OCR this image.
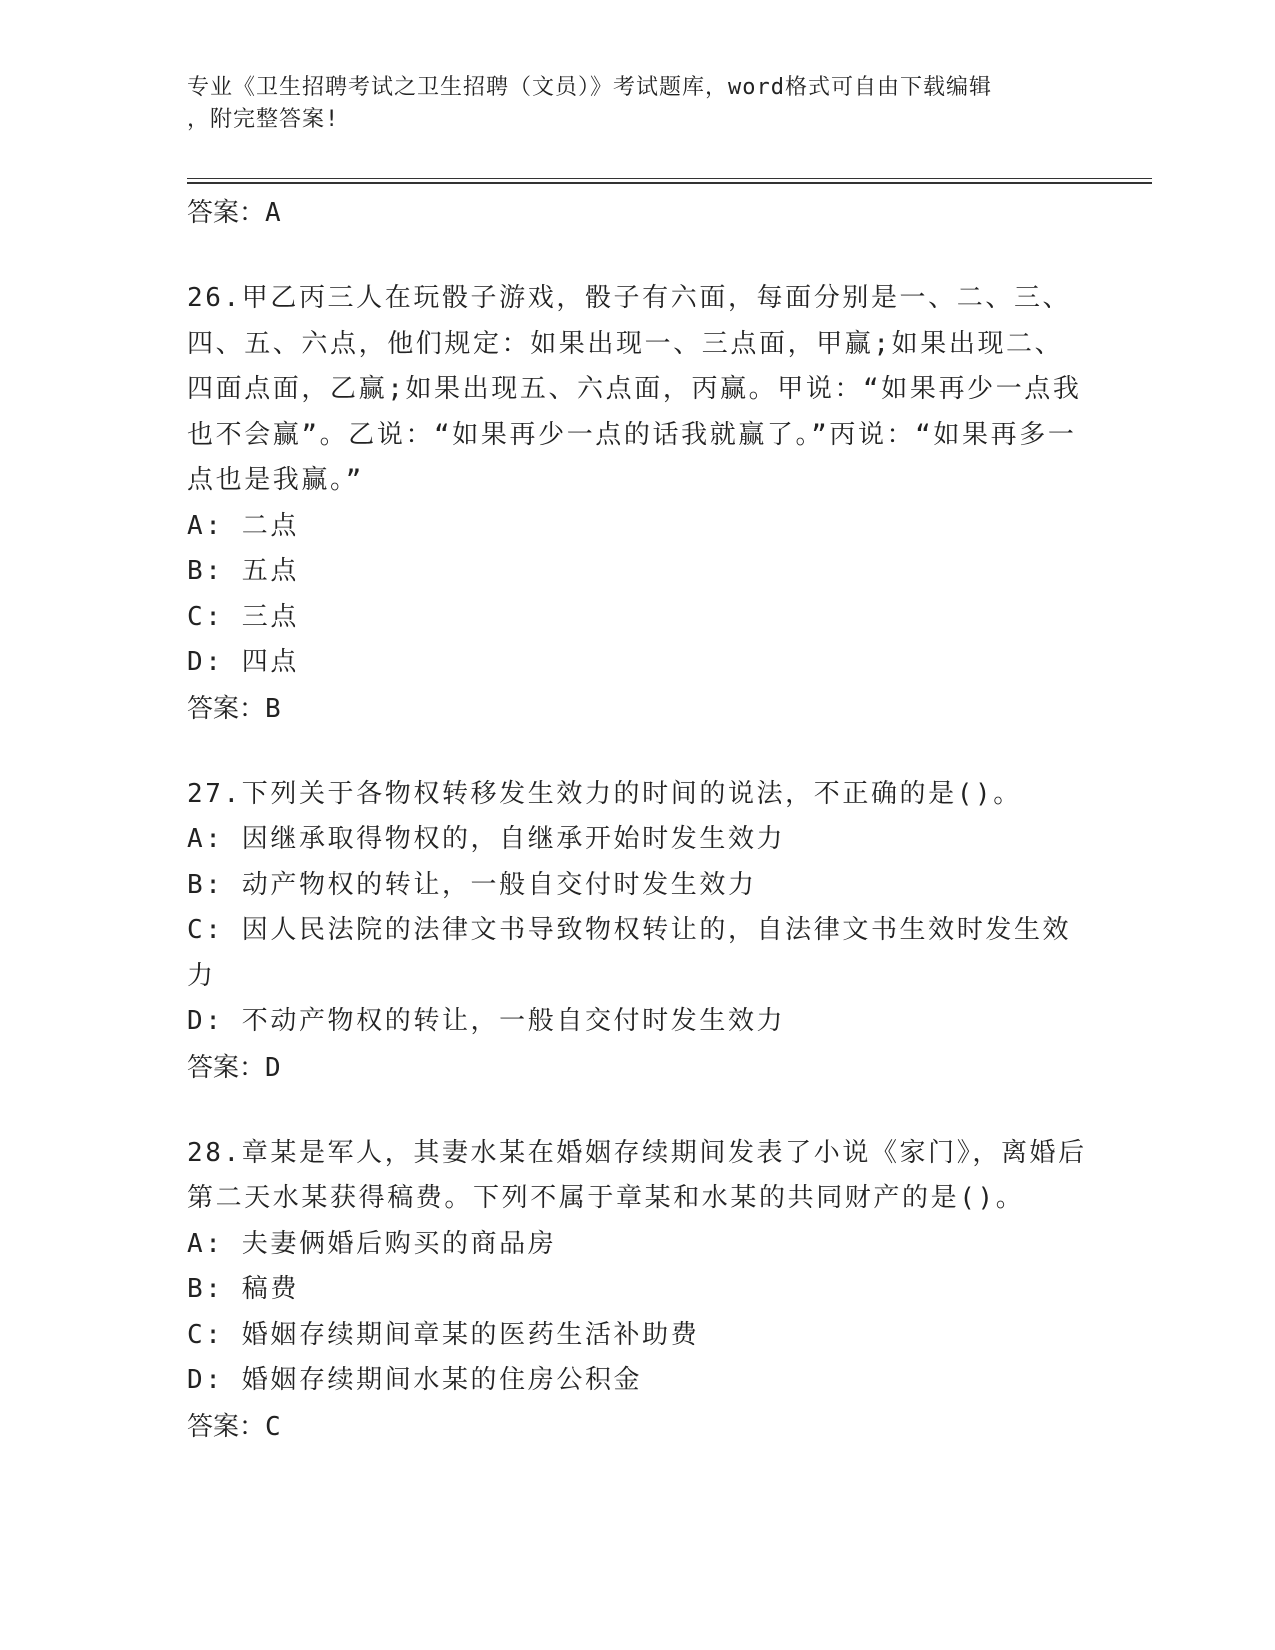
专业《卫生招聘考试之卫生招聘（文员）》考试题库，word格式可自由下载编辑
，附完整答案!

答案：A

26.甲乙丙三人在玩骰子游戏，骰子有六面，每面分别是一、二、三、四、五、六点，他们规定：如果出现一、三点面，甲赢;如果出现二、四面点面，乙赢;如果出现五、六点面，丙赢。甲说：“如果再少一点我也不会赢”。乙说：“如果再少一点的话我就赢了。”丙说：“如果再多一点也是我赢。”

A: 二点

B: 五点

C: 三点

D: 四点

答案：B

27.下列关于各物权转移发生效力的时间的说法，不正确的是()。

A: 因继承取得物权的，自继承开始时发生效力

B: 动产物权的转让，一般自交付时发生效力

C: 因人民法院的法律文书导致物权转让的，自法律文书生效时发生效力

D: 不动产物权的转让，一般自交付时发生效力

答案：D

28.章某是军人，其妻水某在婚姻存续期间发表了小说《家门》，离婚后第二天水某获得稿费。下列不属于章某和水某的共同财产的是()。

A: 夫妻俩婚后购买的商品房

B: 稿费

C: 婚姻存续期间章某的医药生活补助费

D: 婚姻存续期间水某的住房公积金

答案：C
